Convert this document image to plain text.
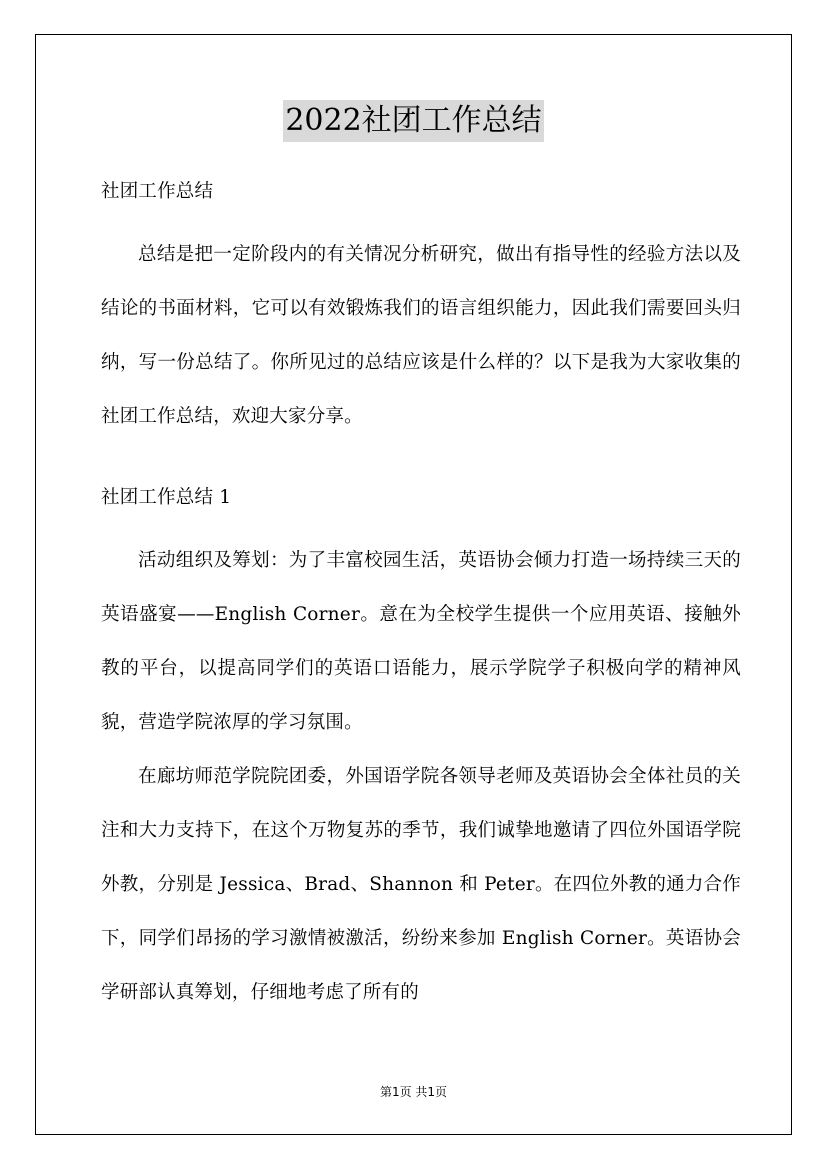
2022社团工作总结

社团工作总结

总结是把一定阶段内的有关情况分析研究，做出有指导性的经验方法以及结论的书面材料，它可以有效锻炼我们的语言组织能力，因此我们需要回头归纳，写一份总结了。你所见过的总结应该是什么样的？以下是我为大家收集的社团工作总结，欢迎大家分享。

社团工作总结 1

活动组织及筹划：为了丰富校园生活，英语协会倾力打造一场持续三天的英语盛宴——English Corner。意在为全校学生提供一个应用英语、接触外教的平台，以提高同学们的英语口语能力，展示学院学子积极向学的精神风貌，营造学院浓厚的学习氛围。

在廊坊师范学院院团委，外国语学院各领导老师及英语协会全体社员的关注和大力支持下，在这个万物复苏的季节，我们诚挚地邀请了四位外国语学院外教，分别是 Jessica、Brad、Shannon 和 Peter。在四位外教的通力合作下，同学们昂扬的学习激情被激活，纷纷来参加 English Corner。英语协会学研部认真筹划，仔细地考虑了所有的

第1页 共1页
